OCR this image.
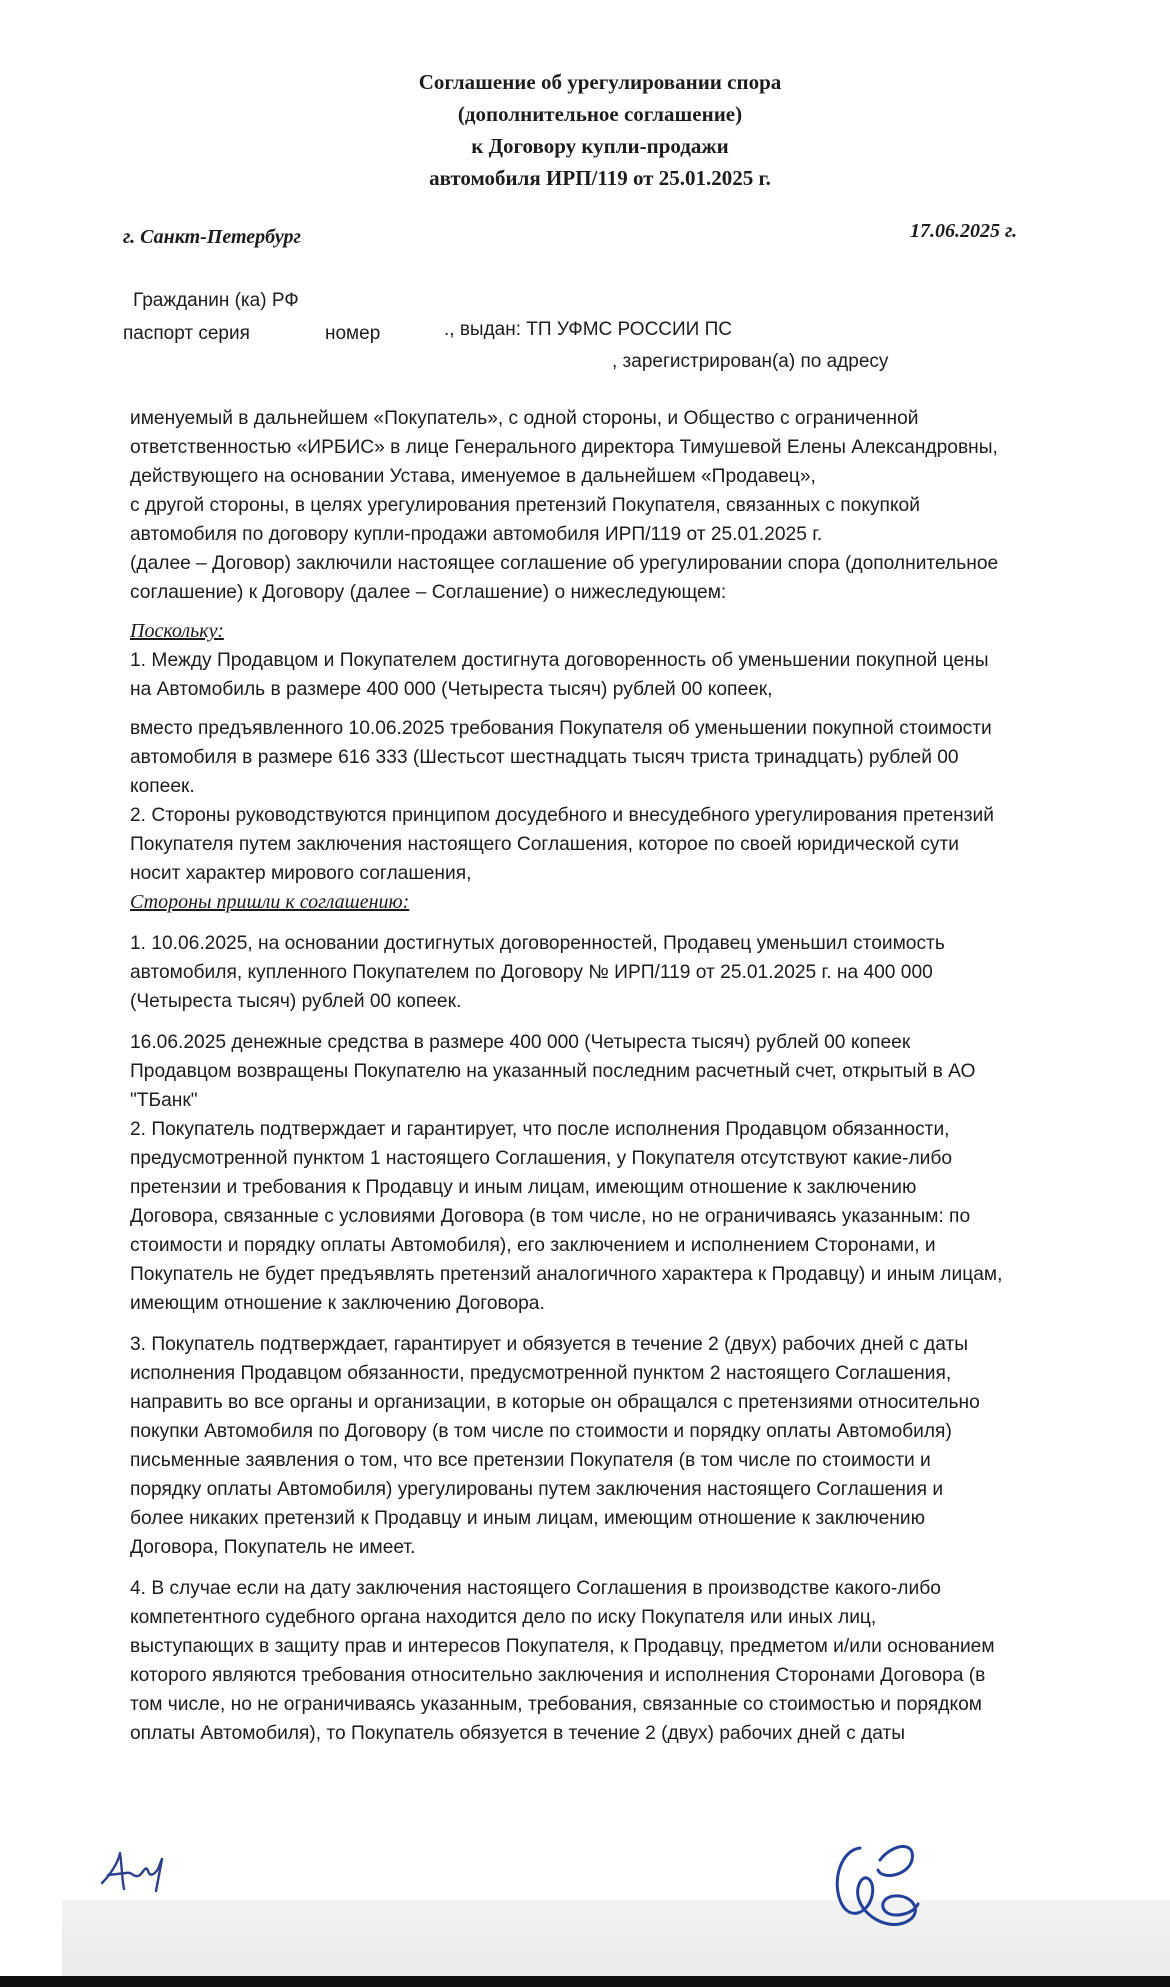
Соглашение об урегулировании спора
(дополнительное соглашение)
к Договору купли-продажи
автомобиля ИРП/119 от 25.01.2025 г.
г. Санкт-Петербург	17.06.2025 г.
Гражданин (ка) РФ
паспорт серия	номер	., выдан: ТП УФМС РОССИИ ПС
, зарегистрирован(а) по адресу

именуемый в дальнейшем «Покупатель», с одной стороны, и Общество с ограниченной

ответственностью «ИРБИС» в лице Генерального директора Тимушевой Елены Александровны,

действующего на основании Устава, именуемое в дальнейшем «Продавец»,

с другой стороны, в целях урегулирования претензий Покупателя, связанных с покупкой

автомобиля по договору купли-продажи автомобиля ИРП/119 от 25.01.2025 г.

(далее – Договор) заключили настоящее соглашение об урегулировании спора (дополнительное

соглашение) к Договору (далее – Соглашение) о нижеследующем:

Поскольку:

1. Между Продавцом и Покупателем достигнута договоренность об уменьшении покупной цены

на Автомобиль в размере 400 000 (Четыреста тысяч) рублей 00 копеек,

вместо предъявленного 10.06.2025 требования Покупателя об уменьшении покупной стоимости

автомобиля в размере 616 333 (Шестьсот шестнадцать тысяч триста тринадцать) рублей 00

копеек.

2. Стороны руководствуются принципом досудебного и внесудебного урегулирования претензий

Покупателя путем заключения настоящего Соглашения, которое по своей юридической сути

носит характер мирового соглашения,

Стороны пришли к соглашению:

1. 10.06.2025, на основании достигнутых договоренностей, Продавец уменьшил стоимость

автомобиля, купленного Покупателем по Договору № ИРП/119 от 25.01.2025 г. на 400 000

(Четыреста тысяч) рублей 00 копеек.

16.06.2025 денежные средства в размере 400 000 (Четыреста тысяч) рублей 00 копеек

Продавцом возвращены Покупателю на указанный последним расчетный счет, открытый в АО

"ТБанк"

2. Покупатель подтверждает и гарантирует, что после исполнения Продавцом обязанности,

предусмотренной пунктом 1 настоящего Соглашения, у Покупателя отсутствуют какие-либо

претензии и требования к Продавцу и иным лицам, имеющим отношение к заключению

Договора, связанные с условиями Договора (в том числе, но не ограничиваясь указанным: по

стоимости и порядку оплаты Автомобиля), его заключением и исполнением Сторонами, и

Покупатель не будет предъявлять претензий аналогичного характера к Продавцу) и иным лицам,

имеющим отношение к заключению Договора.

3. Покупатель подтверждает, гарантирует и обязуется в течение 2 (двух) рабочих дней с даты

исполнения Продавцом обязанности, предусмотренной пунктом 2 настоящего Соглашения,

направить во все органы и организации, в которые он обращался с претензиями относительно

покупки Автомобиля по Договору (в том числе по стоимости и порядку оплаты Автомобиля)

письменные заявления о том, что все претензии Покупателя (в том числе по стоимости и

порядку оплаты Автомобиля) урегулированы путем заключения настоящего Соглашения и

более никаких претензий к Продавцу и иным лицам, имеющим отношение к заключению

Договора, Покупатель не имеет.

4. В случае если на дату заключения настоящего Соглашения в производстве какого-либо

компетентного судебного органа находится дело по иску Покупателя или иных лиц,

выступающих в защиту прав и интересов Покупателя, к Продавцу, предметом и/или основанием

которого являются требования относительно заключения и исполнения Сторонами Договора (в

том числе, но не ограничиваясь указанным, требования, связанные со стоимостью и порядком

оплаты Автомобиля), то Покупатель обязуется в течение 2 (двух) рабочих дней с даты
